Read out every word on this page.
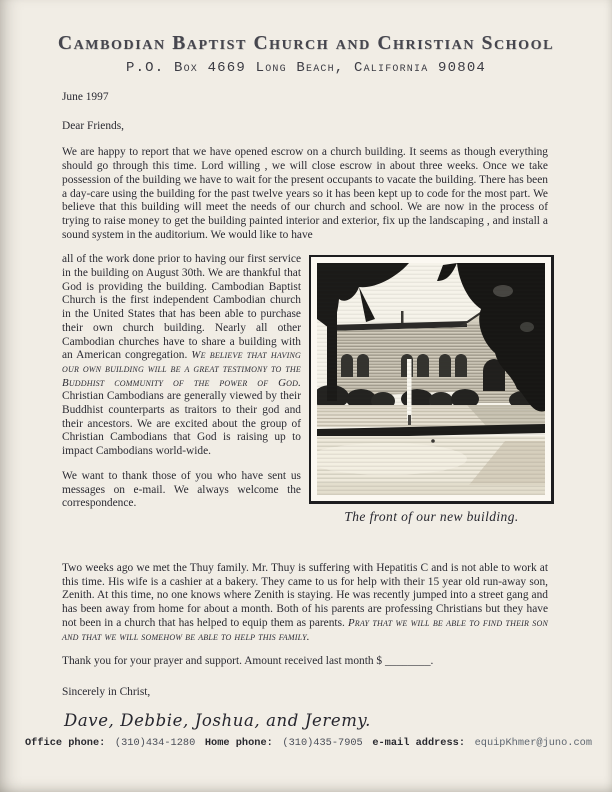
Cambodian Baptist Church and Christian School
P.O. Box 4669 Long Beach, California 90804

June 1997

Dear Friends,

We are happy to report that we have opened escrow on a church building. It seems as though everything should go through this time. Lord willing , we will close escrow in about three weeks. Once we take possession of the building we have to wait for the present occupants to vacate the building. There has been a day-care using the building for the past twelve years so it has been kept up to code for the most part. We believe that this building will meet the needs of our church and school. We are now in the process of trying to raise money to get the building painted interior and exterior, fix up the landscaping , and install a sound system in the auditorium. We would like to have

The front of our new building.

all of the work done prior to having our first service in the building on August 30th. We are thankful that God is providing the building. Cambodian Baptist Church is the first independent Cambodian church in the United States that has been able to purchase their own church building. Nearly all other Cambodian churches have to share a building with an American congregation. We believe that having our own building will be a great testimony to the Buddhist community of the power of God. Christian Cambodians are generally viewed by their Buddhist counterparts as traitors to their god and their ancestors. We are excited about the group of Christian Cambodians that God is raising up to impact Cambodians world-wide.

We want to thank those of you who have sent us messages on e-mail. We always welcome the correspondence.

Two weeks ago we met the Thuy family. Mr. Thuy is suffering with Hepatitis C and is not able to work at this time. His wife is a cashier at a bakery. They came to us for help with their 15 year old run-away son, Zenith. At this time, no one knows where Zenith is staying. He was recently jumped into a street gang and has been away from home for about a month. Both of his parents are professing Christians but they have not been in a church that has helped to equip them as parents. Pray that we will be able to find their son and that we will somehow be able to help this family.

Thank you for your prayer and support. Amount received last month $ ________.

Sincerely in Christ,

Dave, Debbie, Joshua, and Jeremy.

Office phone: (310)434-1280 Home phone: (310)435-7905 e-mail address: equipKhmer@juno.com
